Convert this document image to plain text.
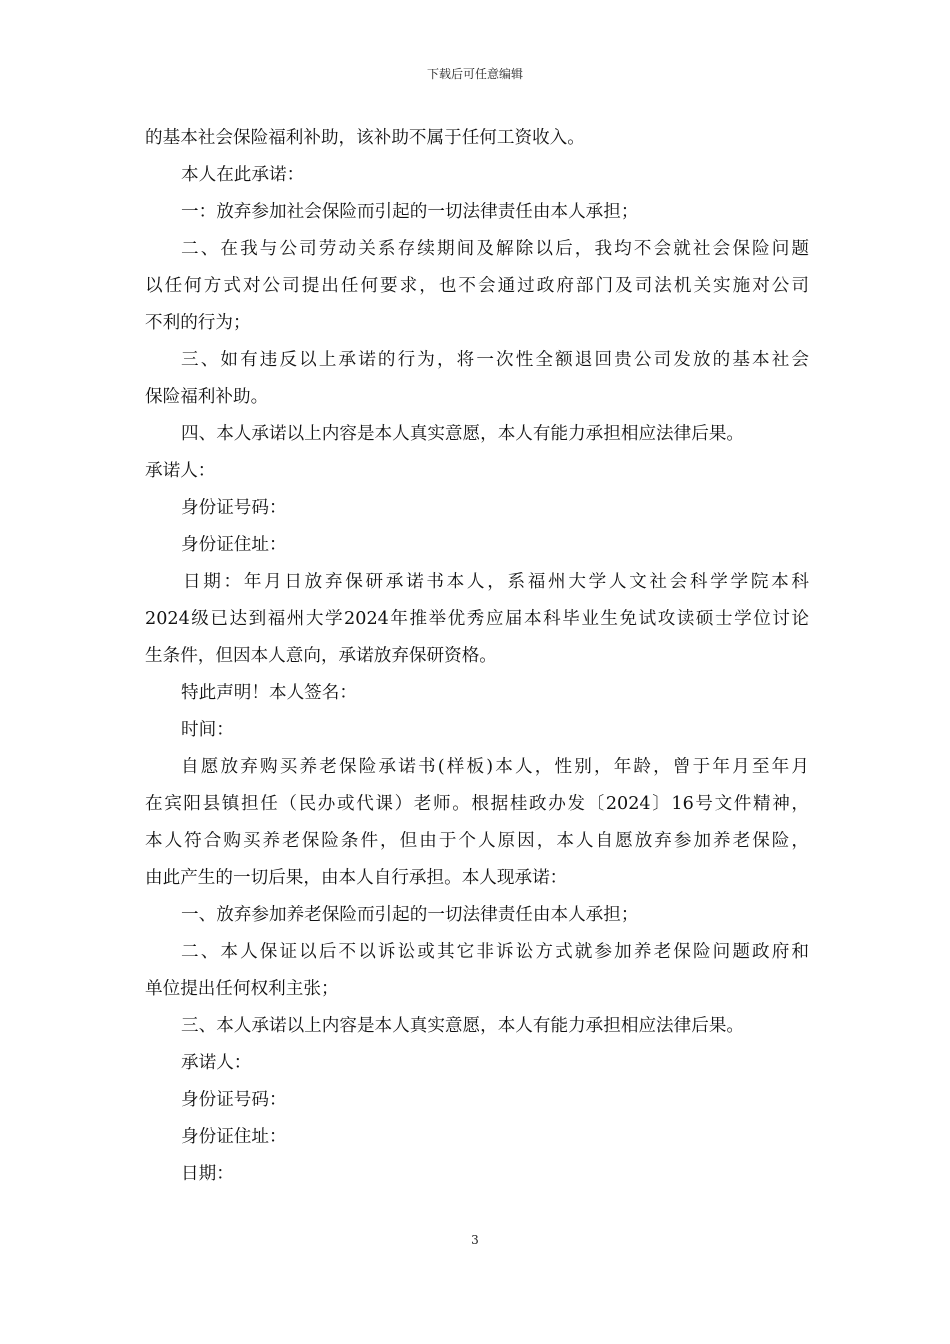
下载后可任意编辑
的基本社会保险福利补助，该补助不属于任何工资收入。
本人在此承诺：
一：放弃参加社会保险而引起的一切法律责任由本人承担；
二、在我与公司劳动关系存续期间及解除以后，我均不会就社会保险问题
以任何方式对公司提出任何要求，也不会通过政府部门及司法机关实施对公司
不利的行为；
三、如有违反以上承诺的行为，将一次性全额退回贵公司发放的基本社会
保险福利补助。
四、本人承诺以上内容是本人真实意愿，本人有能力承担相应法律后果。
承诺人：
身份证号码：
身份证住址：
日期：年月日放弃保研承诺书本人，系福州大学人文社会科学学院本科
2024级已达到福州大学2024年推举优秀应届本科毕业生免试攻读硕士学位讨论
生条件，但因本人意向，承诺放弃保研资格。
特此声明！本人签名：
时间：
自愿放弃购买养老保险承诺书(样板)本人，性别，年龄，曾于年月至年月
在宾阳县镇担任（民办或代课）老师。根据桂政办发〔2024〕16号文件精神，
本人符合购买养老保险条件，但由于个人原因，本人自愿放弃参加养老保险，
由此产生的一切后果，由本人自行承担。本人现承诺：
一、放弃参加养老保险而引起的一切法律责任由本人承担；
二、本人保证以后不以诉讼或其它非诉讼方式就参加养老保险问题政府和
单位提出任何权利主张；
三、本人承诺以上内容是本人真实意愿，本人有能力承担相应法律后果。
承诺人：
身份证号码：
身份证住址：
日期：
3
